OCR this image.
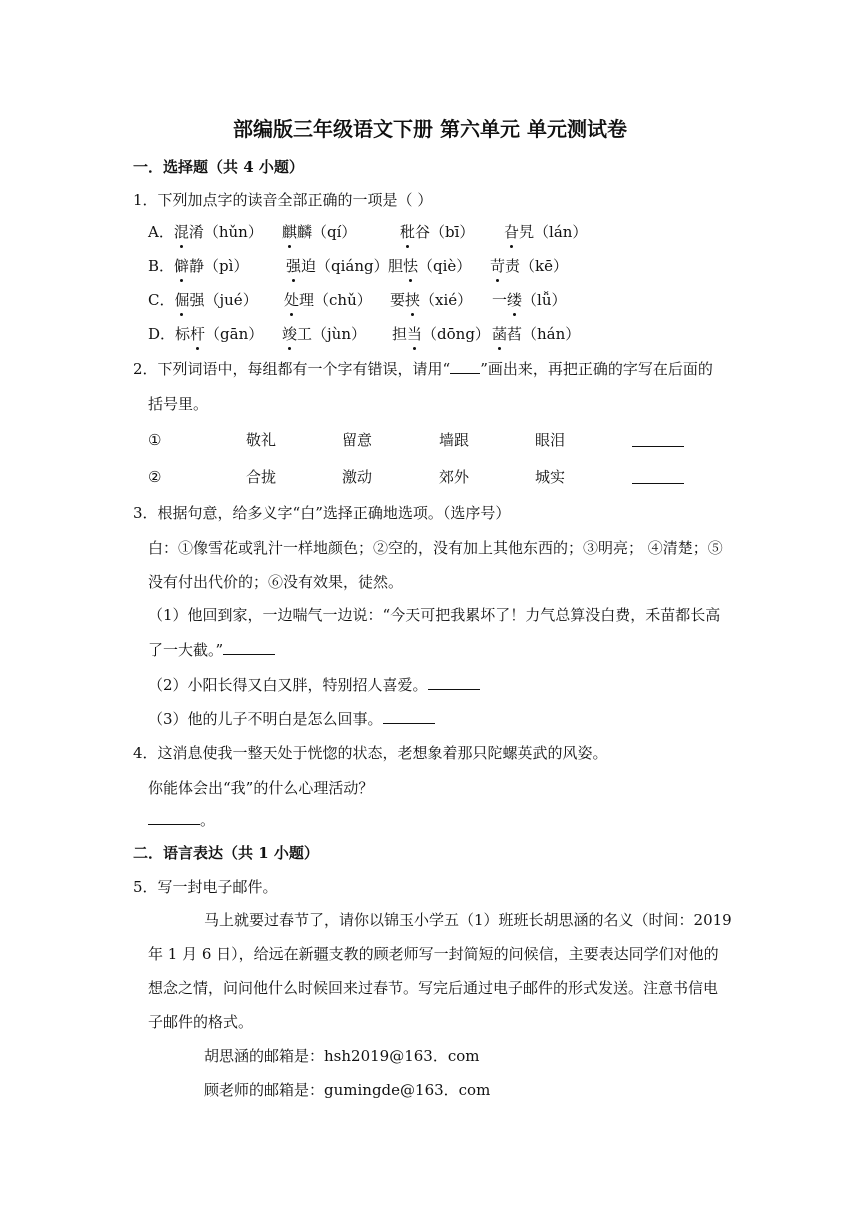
部编版三年级语文下册 第六单元 单元测试卷
一．选择题（共 4 小题）
1．下列加点字的读音全部正确的一项是（ ）
A．混淆（hǔn） 麒麟（qí）	秕谷（bī） 旮旯（lán）
B．僻静（pì）	强迫（qiáng） 胆怯（qiè） 苛责（kē）
C．倔强（jué） 处理（chǔ） 要挟（xié） 一缕（lǚ）
D．标杆（gān） 竣工（jùn） 担当（dōng） 菡萏（hán）
2．下列词语中，每组都有一个字有错误，请用“ ”画出来，再把正确的字写在后面的
括号里。
①	敬礼	留意	墙跟	眼泪
②	合拢	激动	郊外	城实
3．根据句意，给多义字“白”选择正确地选项。（选序号）
白：①像雪花或乳汁一样地颜色；②空的，没有加上其他东西的；③明亮； ④清楚；⑤
没有付出代价的；⑥没有效果，徒然。
（1）他回到家，一边喘气一边说：“今天可把我累坏了！力气总算没白费，禾苗都长高
了一大截。”
（2）小阳长得又白又胖，特别招人喜爱。
（3）他的儿子不明白是怎么回事。
4．这消息使我一整天处于恍惚的状态，老想象着那只陀螺英武的风姿。
你能体会出“我”的什么心理活动？
。
二．语言表达（共 1 小题）
5．写一封电子邮件。
马上就要过春节了，请你以锦玉小学五（1）班班长胡思涵的名义（时间：2019
年 1 月 6 日），给远在新疆支教的顾老师写一封简短的问候信，主要表达同学们对他的
想念之情，问问他什么时候回来过春节。写完后通过电子邮件的形式发送。注意书信电
子邮件的格式。
胡思涵的邮箱是：hsh2019@163．com
顾老师的邮箱是：gumingde@163．com
